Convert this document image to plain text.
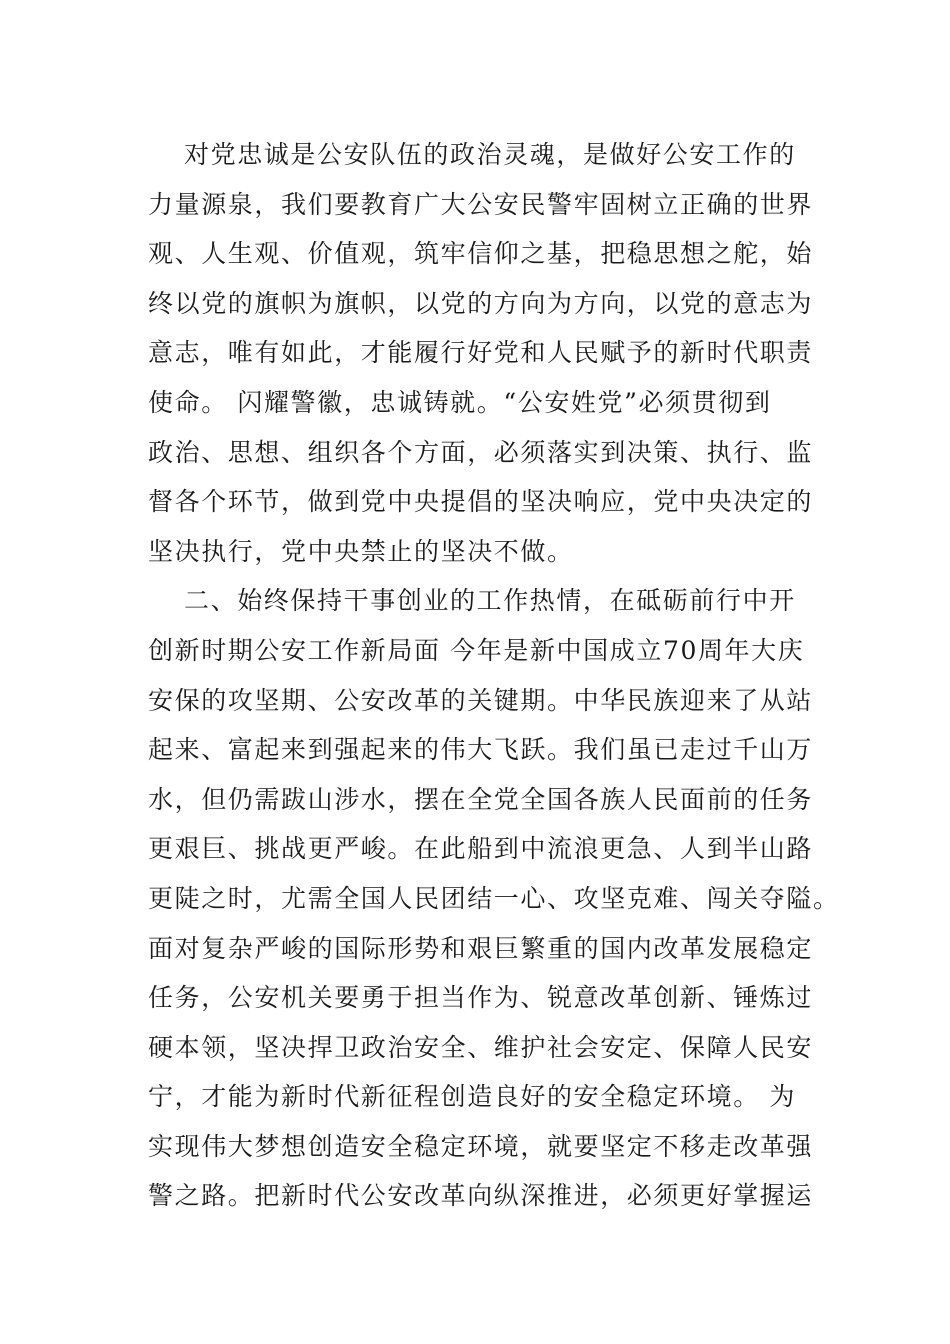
对党忠诚是公安队伍的政治灵魂，是做好公安工作的
力量源泉，我们要教育广大公安民警牢固树立正确的世界
观、人生观、价值观，筑牢信仰之基，把稳思想之舵，始
终以党的旗帜为旗帜，以党的方向为方向，以党的意志为
意志，唯有如此，才能履行好党和人民赋予的新时代职责
使命。 闪耀警徽，忠诚铸就。“公安姓党”必须贯彻到
政治、思想、组织各个方面，必须落实到决策、执行、监
督各个环节，做到党中央提倡的坚决响应，党中央决定的
坚决执行，党中央禁止的坚决不做。
二、始终保持干事创业的工作热情，在砥砺前行中开
创新时期公安工作新局面 今年是新中国成立70周年大庆
安保的攻坚期、公安改革的关键期。中华民族迎来了从站
起来、富起来到强起来的伟大飞跃。我们虽已走过千山万
水，但仍需跋山涉水，摆在全党全国各族人民面前的任务
更艰巨、挑战更严峻。在此船到中流浪更急、人到半山路
更陡之时，尤需全国人民团结一心、攻坚克难、闯关夺隘。
面对复杂严峻的国际形势和艰巨繁重的国内改革发展稳定
任务，公安机关要勇于担当作为、锐意改革创新、锤炼过
硬本领，坚决捍卫政治安全、维护社会安定、保障人民安
宁，才能为新时代新征程创造良好的安全稳定环境。 为
实现伟大梦想创造安全稳定环境，就要坚定不移走改革强
警之路。把新时代公安改革向纵深推进，必须更好掌握运
